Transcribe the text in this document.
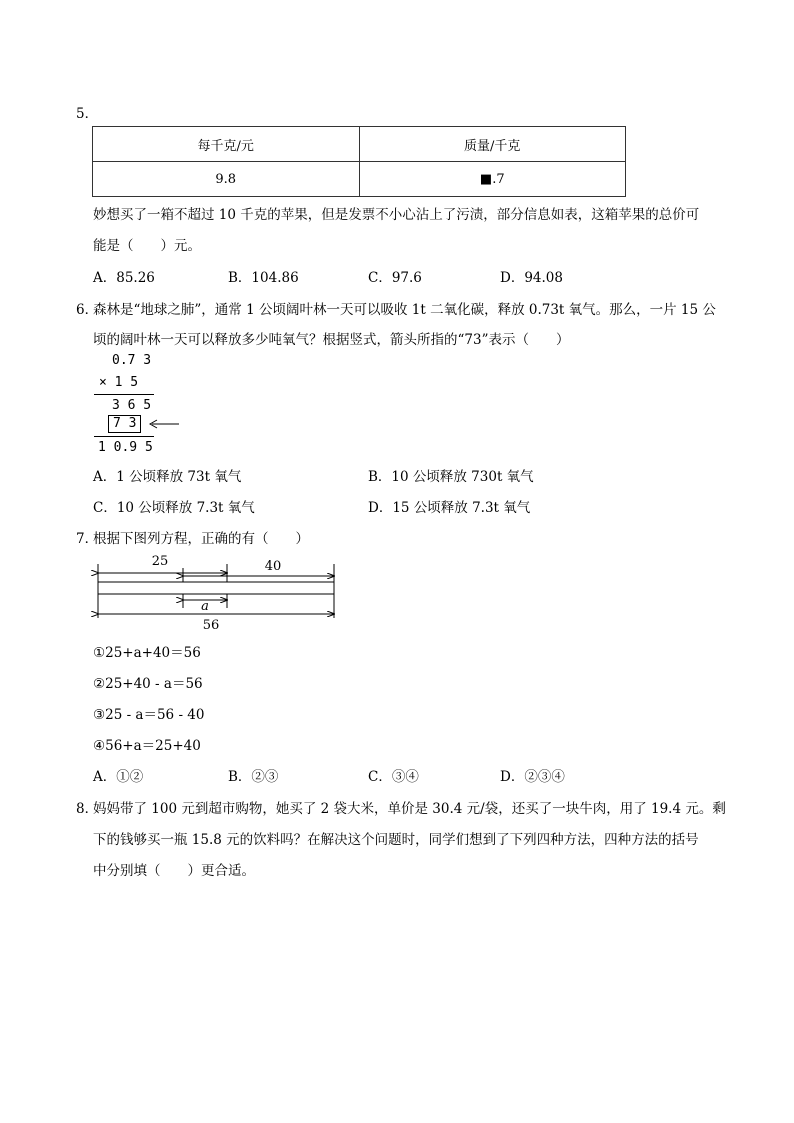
5．
每千克/元	质量/千克
9.8	■.7
妙想买了一箱不超过 10 千克的苹果，但是发票不小心沾上了污渍，部分信息如表，这箱苹果的总价可
能是（　　）元。
A．85.26	B．104.86	C．97.6	D．94.08
6．
森林是“地球之肺”，通常 1 公顷阔叶林一天可以吸收 1t 二氧化碳，释放 0.73t 氧气。那么，一片 15 公
顷的阔叶林一天可以释放多少吨氧气？根据竖式，箭头所指的“73”表示（　　）
0.7 3
× 1 5
3 6 5
7 3
1 0.9 5
A．1 公顷释放 73t 氧气	B．10 公顷释放 730t 氧气
C．10 公顷释放 7.3t 氧气	D．15 公顷释放 7.3t 氧气
7．
根据下图列方程，正确的有（　　）
25	40
a
56
①25+a+40＝56
②25+40 - a＝56
③25 - a＝56 - 40
④56+a＝25+40
A．①②	B．②③	C．③④	D．②③④
8．
妈妈带了 100 元到超市购物，她买了 2 袋大米，单价是 30.4 元/袋，还买了一块牛肉，用了 19.4 元。剩
下的钱够买一瓶 15.8 元的饮料吗？在解决这个问题时，同学们想到了下列四种方法，四种方法的括号
中分别填（　　）更合适。
